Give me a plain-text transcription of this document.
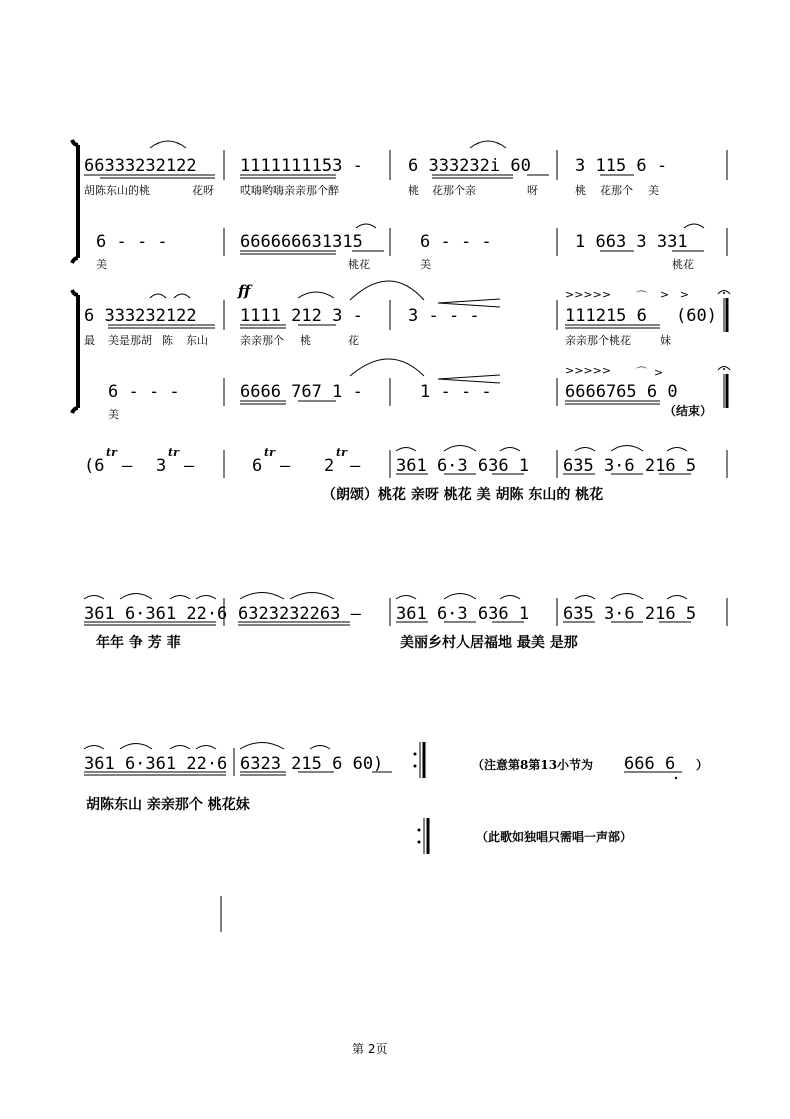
66333232122	1111111153 -	6 333232i 60	3 115 6 -
胡陈东山的桃	花呀 哎嗨哟嗨亲亲那个醉	桃 花那个亲	呀	桃 花那个 美
6 - - -	666666631315	6 - - -	1 663 3 331
美	桃花	美	桃花
ff	>>>>> ⌒ >   >
6 333232122	1111 212 3 -	3 - - -	111215 6 (60)
最 美是那胡 陈 东山	亲亲那个 桃	花	亲亲那个桃花	妹
>>>>> ⌒  >
6 - - -	6666 767 1 -	1 - - -	6666765 6 0
美	（结束）
(6
tr
– 3
tr
–	6
tr
– 2
tr
– 361 6·3 636 1 635 3·6 216 5
（朗颂）桃花 亲呀 桃花 美 胡陈 东山的 桃花
361 6·361 22·6 6323232263 – 361 6·3 636 1 635 3·6 216 5
年年 争 芳 菲	美丽乡村人居福地 最美 是那
361 6·361 22·6 6323 215 6 60)
胡陈东山 亲亲那个 桃花妹
（注意第8第13小节为 666 6 ）
（此歌如独唱只需唱一声部）
第 2页
